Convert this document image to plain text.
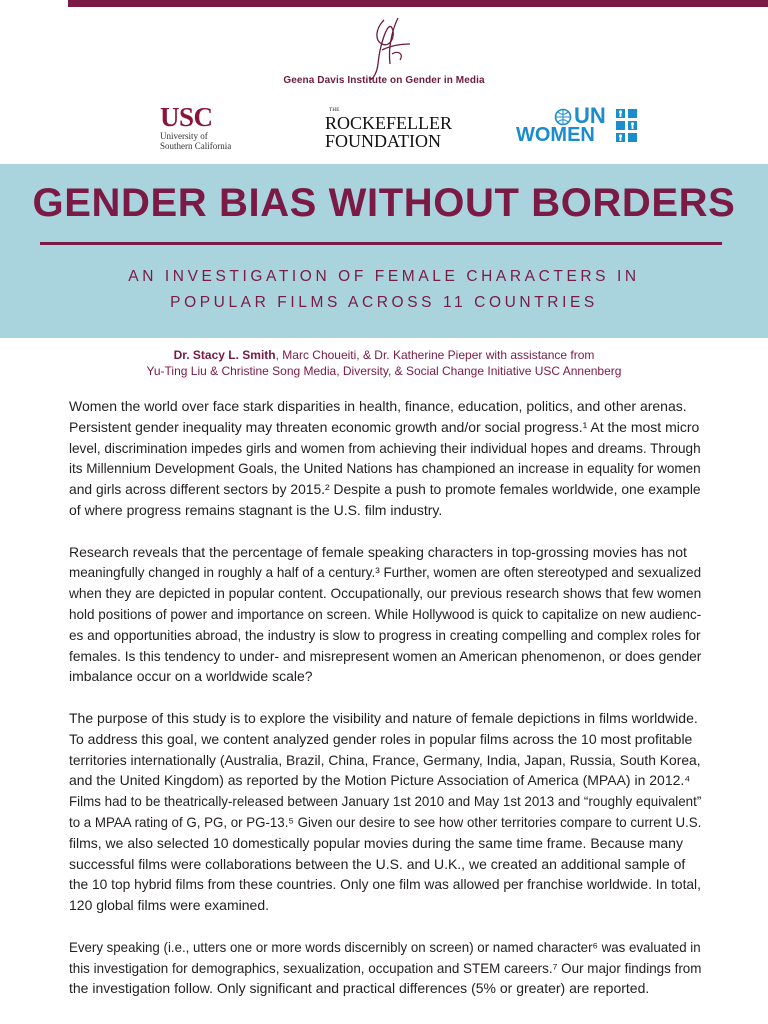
Geena Davis Institute on Gender in Media
USC
University of
Southern California
THE
ROCKEFELLER
FOUNDATION
UN
WOMEN
GENDER BIAS WITHOUT BORDERS
AN INVESTIGATION OF FEMALE CHARACTERS IN
POPULAR FILMS ACROSS 11 COUNTRIES
Dr. Stacy L. Smith, Marc Choueiti, & Dr. Katherine Pieper with assistance from
Yu-Ting Liu & Christine Song Media, Diversity, & Social Change Initiative USC Annenberg
Women the world over face stark disparities in health, finance, education, politics, and other arenas.
Persistent gender inequality may threaten economic growth and/or social progress.¹ At the most micro
level, discrimination impedes girls and women from achieving their individual hopes and dreams. Through
its Millennium Development Goals, the United Nations has championed an increase in equality for women
and girls across different sectors by 2015.² Despite a push to promote females worldwide, one example
of where progress remains stagnant is the U.S. film industry.
Research reveals that the percentage of female speaking characters in top-grossing movies has not
meaningfully changed in roughly a half of a century.³ Further, women are often stereotyped and sexualized
when they are depicted in popular content. Occupationally, our previous research shows that few women
hold positions of power and importance on screen. While Hollywood is quick to capitalize on new audienc-
es and opportunities abroad, the industry is slow to progress in creating compelling and complex roles for
females. Is this tendency to under- and misrepresent women an American phenomenon, or does gender
imbalance occur on a worldwide scale?
The purpose of this study is to explore the visibility and nature of female depictions in films worldwide.
To address this goal, we content analyzed gender roles in popular films across the 10 most profitable
territories internationally (Australia, Brazil, China, France, Germany, India, Japan, Russia, South Korea,
and the United Kingdom) as reported by the Motion Picture Association of America (MPAA) in 2012.⁴
Films had to be theatrically-released between January 1st 2010 and May 1st 2013 and “roughly equivalent”
to a MPAA rating of G, PG, or PG-13.⁵ Given our desire to see how other territories compare to current U.S.
films, we also selected 10 domestically popular movies during the same time frame. Because many
successful films were collaborations between the U.S. and U.K., we created an additional sample of
the 10 top hybrid films from these countries. Only one film was allowed per franchise worldwide. In total,
120 global films were examined.
Every speaking (i.e., utters one or more words discernibly on screen) or named character⁶ was evaluated in
this investigation for demographics, sexualization, occupation and STEM careers.⁷ Our major findings from
the investigation follow. Only significant and practical differences (5% or greater) are reported.
